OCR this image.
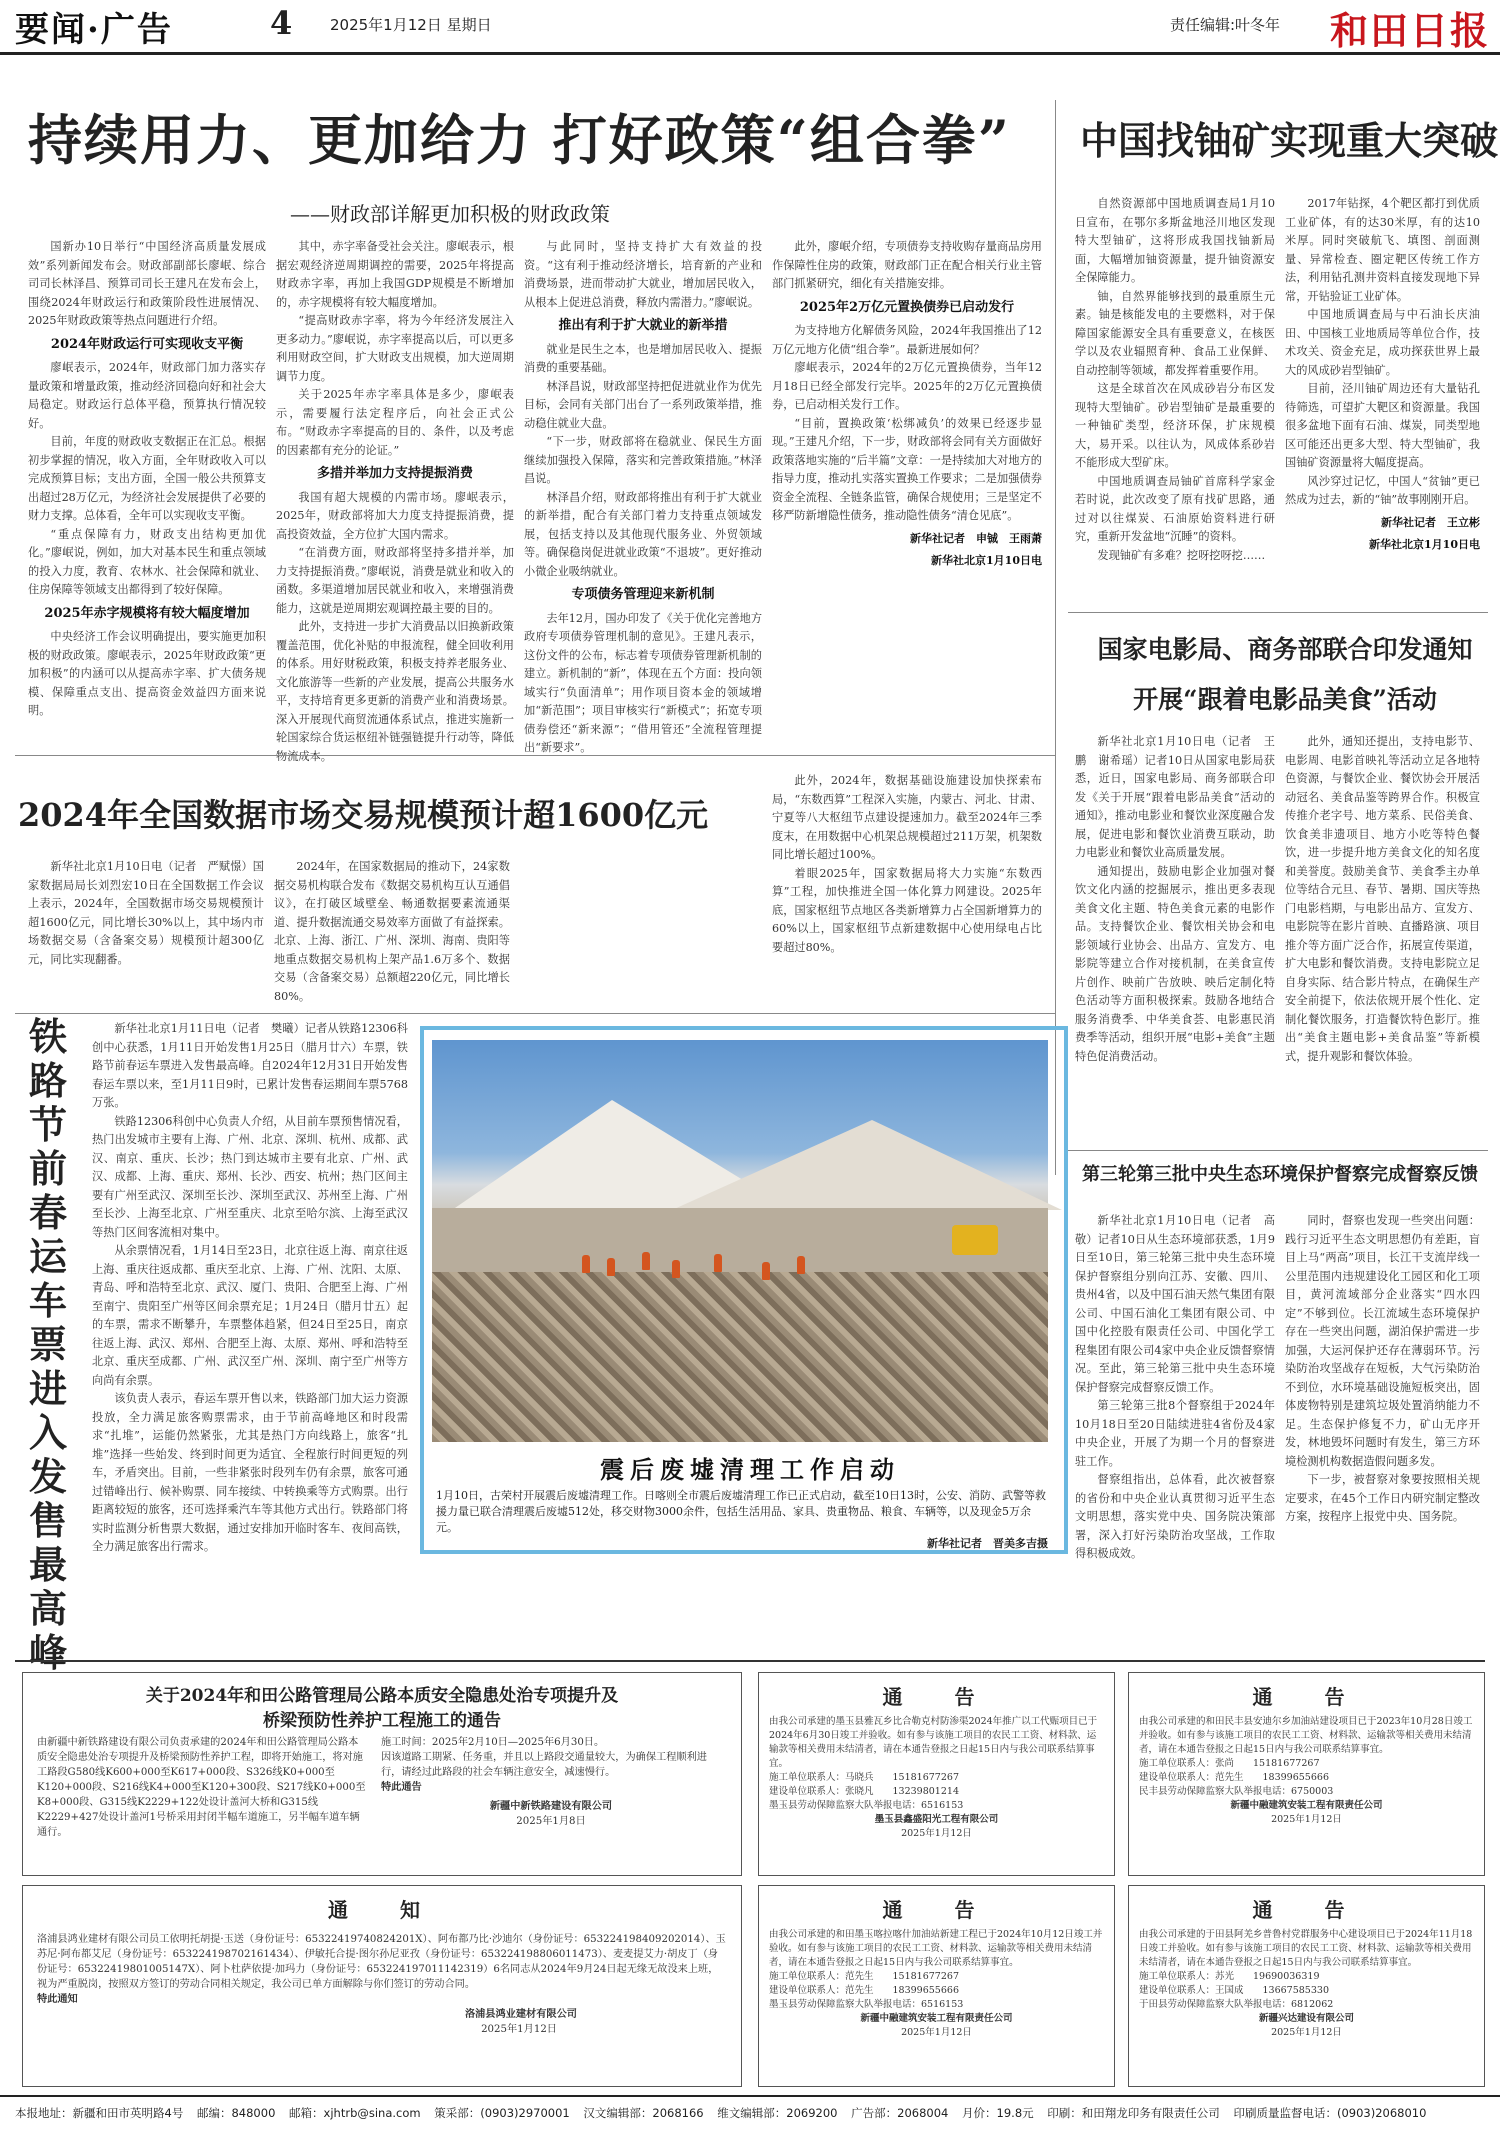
要闻·广告	4	2025年1月12日 星期日	责任编辑:叶冬年 和田日报
持续用力、更加给力 打好政策“组合拳”
——财政部详解更加积极的财政政策

国新办10日举行“中国经济高质量发展成效”系列新闻发布会。财政部副部长廖岷、综合司司长林泽昌、预算司司长王建凡在发布会上，围绕2024年财政运行和政策阶段性进展情况、2025年财政政策等热点问题进行介绍。

2024年财政运行可实现收支平衡

廖岷表示，2024年，财政部门加力落实存量政策和增量政策，推动经济回稳向好和社会大局稳定。财政运行总体平稳，预算执行情况较好。

目前，年度的财政收支数据正在汇总。根据初步掌握的情况，收入方面，全年财政收入可以完成预算目标；支出方面，全国一般公共预算支出超过28万亿元，为经济社会发展提供了必要的财力支撑。总体看，全年可以实现收支平衡。

“重点保障有力，财政支出结构更加优化。”廖岷说，例如，加大对基本民生和重点领域的投入力度，教育、农林水、社会保障和就业、住房保障等领域支出都得到了较好保障。

2025年赤字规模将有较大幅度增加

中央经济工作会议明确提出，要实施更加积极的财政政策。廖岷表示，2025年财政政策“更加积极”的内涵可以从提高赤字率、扩大债务规模、保障重点支出、提高资金效益四方面来说明。

其中，赤字率备受社会关注。廖岷表示，根据宏观经济逆周期调控的需要，2025年将提高财政赤字率，再加上我国GDP规模是不断增加的，赤字规模将有较大幅度增加。

“提高财政赤字率，将为今年经济发展注入更多动力。”廖岷说，赤字率提高以后，可以更多利用财政空间，扩大财政支出规模，加大逆周期调节力度。

关于2025年赤字率具体是多少，廖岷表示，需要履行法定程序后，向社会正式公布。“财政赤字率提高的目的、条件，以及考虑的因素都有充分的论证。”

多措并举加力支持提振消费

我国有超大规模的内需市场。廖岷表示，2025年，财政部将加大力度支持提振消费，提高投资效益，全方位扩大国内需求。

“在消费方面，财政部将坚持多措并举，加力支持提振消费。”廖岷说，消费是就业和收入的函数。多渠道增加居民就业和收入，来增强消费能力，这就是逆周期宏观调控最主要的目的。

此外，支持进一步扩大消费品以旧换新政策覆盖范围，优化补贴的申报流程，健全回收利用的体系。用好财税政策，积极支持养老服务业、文化旅游等一些新的产业发展，提高公共服务水平，支持培育更多更新的消费产业和消费场景。深入开展现代商贸流通体系试点，推进实施新一轮国家综合货运枢纽补链强链提升行动等，降低物流成本。

与此同时，坚持支持扩大有效益的投资。“这有利于推动经济增长，培育新的产业和消费场景，进而带动扩大就业，增加居民收入，从根本上促进总消费，释放内需潜力。”廖岷说。

推出有利于扩大就业的新举措

就业是民生之本，也是增加居民收入、提振消费的重要基础。

林泽昌说，财政部坚持把促进就业作为优先目标，会同有关部门出台了一系列政策举措，推动稳住就业大盘。

“下一步，财政部将在稳就业、保民生方面继续加强投入保障，落实和完善政策措施。”林泽昌说。

林泽昌介绍，财政部将推出有利于扩大就业的新举措，配合有关部门着力支持重点领域发展，包括支持以及其他现代服务业、外贸领域等。确保稳岗促进就业政策“不退坡”。更好推动小微企业吸纳就业。

专项债务管理迎来新机制

去年12月，国办印发了《关于优化完善地方政府专项债券管理机制的意见》。王建凡表示，这份文件的公布，标志着专项债券管理新机制的建立。新机制的“新”，体现在五个方面：投向领域实行“负面清单”；用作项目资本金的领域增加“新范围”；项目审核实行“新模式”；拓宽专项债券偿还“新来源”；“借用管还”全流程管理提出“新要求”。

此外，廖岷介绍，专项债券支持收购存量商品房用作保障性住房的政策，财政部门正在配合相关行业主管部门抓紧研究，细化有关措施安排。

2025年2万亿元置换债券已启动发行

为支持地方化解债务风险，2024年我国推出了12万亿元地方化债“组合拳”。最新进展如何？

廖岷表示，2024年的2万亿元置换债券，当年12月18日已经全部发行完毕。2025年的2万亿元置换债券，已启动相关发行工作。

“目前，置换政策‘松绑减负’的效果已经逐步显现。”王建凡介绍，下一步，财政部将会同有关方面做好政策落地实施的“后半篇”文章：一是持续加大对地方的指导力度，推动扎实落实置换工作要求；二是加强债券资金全流程、全链条监管，确保合规使用；三是坚定不移严防新增隐性债务，推动隐性债务“清仓见底”。

新华社记者　申铖　王雨萧
新华社北京1月10日电
中国找铀矿实现重大突破

自然资源部中国地质调查局1月10日宣布，在鄂尔多斯盆地泾川地区发现特大型铀矿，这将形成我国找铀新局面，大幅增加铀资源量，提升铀资源安全保障能力。

铀，自然界能够找到的最重原生元素。铀是核能发电的主要燃料，对于保障国家能源安全具有重要意义，在核医学以及农业辐照育种、食品工业保鲜、自动控制等领域，都发挥着重要作用。

这是全球首次在风成砂岩分布区发现特大型铀矿。砂岩型铀矿是最重要的一种铀矿类型，经济环保，扩床规模大，易开采。以往认为，风成体系砂岩不能形成大型矿床。

中国地质调查局铀矿首席科学家金若时说，此次改变了原有找矿思路，通过对以往煤炭、石油原始资料进行研究，重新开发盆地“沉睡”的资料。

发现铀矿有多难？挖呀挖呀挖……

2017年钻探，4个靶区都打到优质工业矿体，有的达30米厚，有的达10米厚。同时突破航飞、填图、剖面测量、异常检查、圈定靶区传统工作方法，利用钻孔测井资料直接发现地下异常，开钻验证工业矿体。

中国地质调查局与中石油长庆油田、中国核工业地质局等单位合作，技术攻关、资金充足，成功探获世界上最大的风成砂岩型铀矿。

目前，泾川铀矿周边还有大量钻孔待筛选，可望扩大靶区和资源量。我国很多盆地下面有石油、煤炭，同类型地区可能还出更多大型、特大型铀矿，我国铀矿资源量将大幅度提高。

风沙穿过记忆，中国人“贫铀”更已然成为过去，新的“铀”故事刚刚开启。

新华社记者　王立彬
新华社北京1月10日电
国家电影局、商务部联合印发通知
开展“跟着电影品美食”活动

新华社北京1月10日电（记者　王鹏　谢希瑶）记者10日从国家电影局获悉，近日，国家电影局、商务部联合印发《关于开展“跟着电影品美食”活动的通知》，推动电影业和餐饮业深度融合发展，促进电影和餐饮业消费互联动，助力电影业和餐饮业高质量发展。

通知提出，鼓励电影企业加强对餐饮文化内涵的挖掘展示，推出更多表现美食文化主题、特色美食元素的电影作品。支持餐饮企业、餐饮相关协会和电影领域行业协会、出品方、宣发方、电影院等建立合作对接机制，在美食宣传片创作、映前广告放映、映后定制化特色活动等方面积极探索。鼓励各地结合服务消费季、中华美食荟、电影惠民消费季等活动，组织开展“电影+美食”主题特色促消费活动。

此外，通知还提出，支持电影节、电影周、电影首映礼等活动立足各地特色资源，与餐饮企业、餐饮协会开展活动冠名、美食品鉴等跨界合作。积极宣传推介老字号、地方菜系、民俗美食、饮食美非遗项目、地方小吃等特色餐饮，进一步提升地方美食文化的知名度和美誉度。鼓励美食节、美食季主办单位等结合元旦、春节、暑期、国庆等热门电影档期，与电影出品方、宣发方、电影院等在影片首映、直播路演、项目推介等方面广泛合作，拓展宣传渠道，扩大电影和餐饮消费。支持电影院立足自身实际、结合影片特点，在确保生产安全前提下，依法依规开展个性化、定制化餐饮服务，打造餐饮特色影厅。推出“美食主题电影+美食品鉴”等新模式，提升观影和餐饮体验。

第三轮第三批中央生态环境保护督察完成督察反馈

新华社北京1月10日电（记者　高敬）记者10日从生态环境部获悉，1月9日至10日，第三轮第三批中央生态环境保护督察组分别向江苏、安徽、四川、贵州4省，以及中国石油天然气集团有限公司、中国石油化工集团有限公司、中国中化控股有限责任公司、中国化学工程集团有限公司4家中央企业反馈督察情况。至此，第三轮第三批中央生态环境保护督察完成督察反馈工作。

第三轮第三批8个督察组于2024年10月18日至20日陆续进驻4省份及4家中央企业，开展了为期一个月的督察进驻工作。

督察组指出，总体看，此次被督察的省份和中央企业认真贯彻习近平生态文明思想，落实党中央、国务院决策部署，深入打好污染防治攻坚战，工作取得积极成效。

同时，督察也发现一些突出问题：践行习近平生态文明思想仍有差距，盲目上马“两高”项目，长江干支流岸线一公里范围内违规建设化工园区和化工项目，黄河流域部分企业落实“四水四定”不够到位。长江流域生态环境保护存在一些突出问题，湖泊保护需进一步加强，大运河保护还存在薄弱环节。污染防治攻坚战存在短板，大气污染防治不到位，水环境基础设施短板突出，固体废物特别是建筑垃圾处置消纳能力不足。生态保护修复不力，矿山无序开发，林地毁坏问题时有发生，第三方环境检测机构数据造假问题多发。

下一步，被督察对象要按照相关规定要求，在45个工作日内研究制定整改方案，按程序上报党中央、国务院。

2024年全国数据市场交易规模预计超1600亿元

新华社北京1月10日电（记者　严赋憬）国家数据局局长刘烈宏10日在全国数据工作会议上表示，2024年，全国数据市场交易规模预计超1600亿元，同比增长30%以上，其中场内市场数据交易（含备案交易）规模预计超300亿元，同比实现翻番。

2024年，在国家数据局的推动下，24家数据交易机构联合发布《数据交易机构互认互通倡议》，在打破区域壁垒、畅通数据要素流通渠道、提升数据流通交易效率方面做了有益探索。北京、上海、浙江、广州、深圳、海南、贵阳等地重点数据交易机构上架产品1.6万多个、数据交易（含备案交易）总额超220亿元，同比增长80%。

此外，2024年，数据基础设施建设加快探索布局，“东数西算”工程深入实施，内蒙古、河北、甘肃、宁夏等八大枢纽节点建设提速加力。截至2024年三季度末，在用数据中心机架总规模超过211万架，机架数同比增长超过100%。

着眼2025年，国家数据局将大力实施“东数西算”工程，加快推进全国一体化算力网建设。2025年底，国家枢纽节点地区各类新增算力占全国新增算力的60%以上，国家枢纽节点新建数据中心使用绿电占比要超过80%。

铁路节前春运车票进入发售最高峰

新华社北京1月11日电（记者　樊曦）记者从铁路12306科创中心获悉，1月11日开始发售1月25日（腊月廿六）车票，铁路节前春运车票进入发售最高峰。自2024年12月31日开始发售春运车票以来，至1月11日9时，已累计发售春运期间车票5768万张。

铁路12306科创中心负责人介绍，从目前车票预售情况看，热门出发城市主要有上海、广州、北京、深圳、杭州、成都、武汉、南京、重庆、长沙；热门到达城市主要有北京、广州、武汉、成都、上海、重庆、郑州、长沙、西安、杭州；热门区间主要有广州至武汉、深圳至长沙、深圳至武汉、苏州至上海、广州至长沙、上海至北京、广州至重庆、北京至哈尔滨、上海至武汉等热门区间客流相对集中。

从余票情况看，1月14日至23日，北京往返上海、南京往返上海、重庆往返成都、重庆至北京、上海、广州、沈阳、太原、青岛、呼和浩特至北京、武汉、厦门、贵阳、合肥至上海、广州至南宁、贵阳至广州等区间余票充足；1月24日（腊月廿五）起的车票，需求不断攀升，车票整体趋紧，但24日至25日，南京往返上海、武汉、郑州、合肥至上海、太原、郑州、呼和浩特至北京、重庆至成都、广州、武汉至广州、深圳、南宁至广州等方向尚有余票。

该负责人表示，春运车票开售以来，铁路部门加大运力资源投放，全力满足旅客购票需求，由于节前高峰地区和时段需求“扎堆”，运能仍然紧张，尤其是热门方向线路上，旅客“扎堆”选择一些始发、终到时间更为适宜、全程旅行时间更短的列车，矛盾突出。目前，一些非紧张时段列车仍有余票，旅客可通过错峰出行、候补购票、同车接续、中转换乘等方式购票。出行距离较短的旅客，还可选择乘汽车等其他方式出行。铁路部门将实时监测分析售票大数据，通过安排加开临时客车、夜间高铁，全力满足旅客出行需求。

震后废墟清理工作启动
1月10日，古荣村开展震后废墟清理工作。日喀则全市震后废墟清理工作已正式启动，截至10日13时，公安、消防、武警等救援力量已联合清理震后废墟512处，移交财物3000余件，包括生活用品、家具、贵重物品、粮食、车辆等，以及现金5万余元。
新华社记者　晋美多吉摄
关于2024年和田公路管理局公路本质安全隐患处治专项提升及
桥梁预防性养护工程施工的通告
由新疆中新铁路建设有限公司负责承建的2024年和田公路管理局公路本质安全隐患处治专项提升及桥梁预防性养护工程，即将开始施工，将对施工路段G580线K600+000至K617+000段、S326线K0+000至K120+000段、S216线K4+000至K120+300段、S217线K0+000至K8+000段、G315线K2229+122处设计盖河大桥和G315线K2229+427处设计盖河1号桥采用封闭半幅车道施工，另半幅车道车辆通行。
施工时间：2025年2月10日—2025年6月30日。
因该道路工期紧、任务重，并且以上路段交通量较大，为确保工程顺利进行，请经过此路段的社会车辆注意安全，减速慢行。
特此通告
新疆中新铁路建设有限公司
2025年1月8日
通　知
洛浦县鸿业建材有限公司员工依明托胡提·玉送（身份证号：65322419740824201X）、阿布都乃比·沙迪尔（身份证号：653224198409202014）、玉苏尼·阿布都艾尼（身份证号：653224198702161434）、伊敏托合提·图尔孙尼亚孜（身份证号：653224198806011473）、麦麦提艾力·胡皮丁（身份证号：65322419801005147X）、阿卜杜萨依提·加玛力（身份证号：653224197011142319）6名同志从2024年9月24日起无缘无故没来上班，视为严重脱岗，按照双方签订的劳动合同相关规定，我公司已单方面解除与你们签订的劳动合同。
特此通知
洛浦县鸿业建材有限公司
2025年1月12日
通　告
由我公司承建的墨玉县雅瓦乡比合勒克村防渗渠2024年推广以工代赈项目已于2024年6月30日竣工并验收。如有参与该施工项目的农民工工资、材料款、运输款等相关费用未结清者，请在本通告登报之日起15日内与我公司联系结算事宜。
施工单位联系人：马晓兵　　15181677267
建设单位联系人：张晓凡　　13239801214
墨玉县劳动保障监察大队举报电话：6516153
墨玉县鑫盛阳光工程有限公司
2025年1月12日
通　告
由我公司承建的和田民丰县安迪尔乡加油站建设项目已于2023年10月28日竣工并验收。如有参与该施工项目的农民工工资、材料款、运输款等相关费用未结清者，请在本通告登报之日起15日内与我公司联系结算事宜。
施工单位联系人：张尚　　15181677267
建设单位联系人：范先生　　18399655666
民丰县劳动保障监察大队举报电话：6750003
新疆中融建筑安装工程有限责任公司
2025年1月12日
通　告
由我公司承建的和田墨玉喀拉喀什加油站新建工程已于2024年10月12日竣工并验收。如有参与该施工项目的农民工工资、材料款、运输款等相关费用未结清者，请在本通告登报之日起15日内与我公司联系结算事宜。
施工单位联系人：范先生　　15181677267
建设单位联系人：范先生　　18399655666
墨玉县劳动保障监察大队举报电话：6516153
新疆中融建筑安装工程有限责任公司
2025年1月12日
通　告
由我公司承建的于田县阿羌乡普鲁村党群服务中心建设项目已于2024年11月18日竣工并验收。如有参与该施工项目的农民工工资、材料款、运输款等相关费用未结清者，请在本通告登报之日起15日内与我公司联系结算事宜。
施工单位联系人：苏光　　19690036319
建设单位联系人：王国成　　13667585330
于田县劳动保障监察大队举报电话：6812062
新疆兴达建设有限公司
2025年1月12日
本报地址：新疆和田市英明路4号 邮编：848000 邮箱：xjhtrb@sina.com 策采部：(0903)2970001 汉文编辑部：2068166 维文编辑部：2069200 广告部：2068004 月价：19.8元 印刷：和田翔龙印务有限责任公司 印刷质量监督电话：(0903)2068010
